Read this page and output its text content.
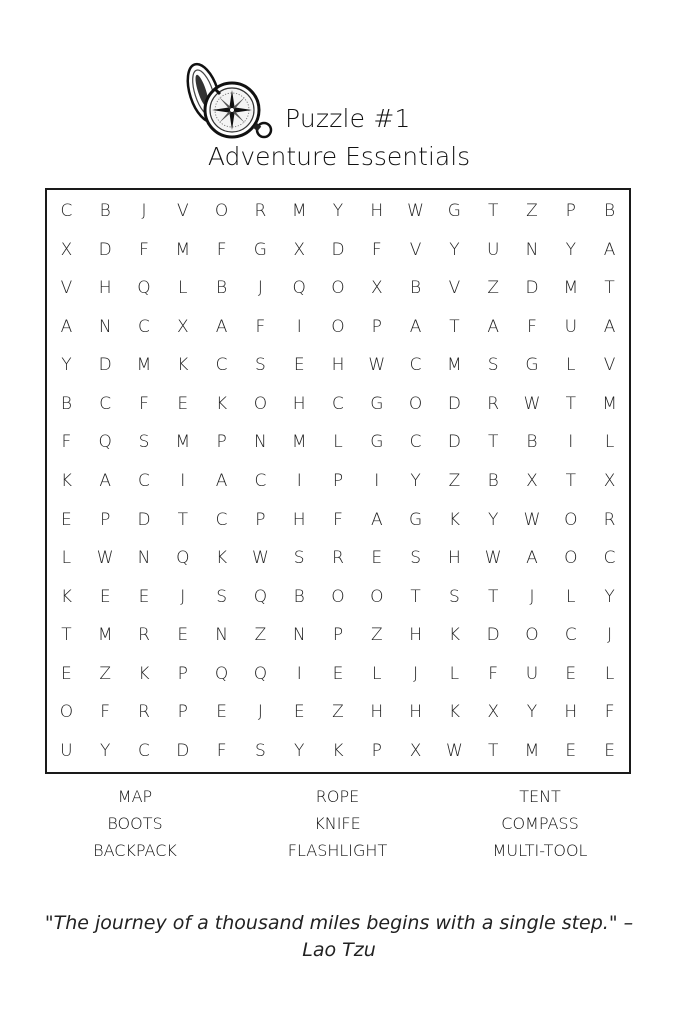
Puzzle #1
Adventure Essentials
C	B	J	V	O	R	M	Y	H	W	G	T	Z	P	B
X	D	F	M	F	G	X	D	F	V	Y	U	N	Y	A
V	H	Q	L	B	J	Q	O	X	B	V	Z	D	M	T
A	N	C	X	A	F	I	O	P	A	T	A	F	U	A
Y	D	M	K	C	S	E	H	W	C	M	S	G	L	V
B	C	F	E	K	O	H	C	G	O	D	R	W	T	M
F	Q	S	M	P	N	M	L	G	C	D	T	B	I	L
K	A	C	I	A	C	I	P	I	Y	Z	B	X	T	X
E	P	D	T	C	P	H	F	A	G	K	Y	W	O	R
L	W	N	Q	K	W	S	R	E	S	H	W	A	O	C
K	E	E	J	S	Q	B	O	O	T	S	T	J	L	Y
T	M	R	E	N	Z	N	P	Z	H	K	D	O	C	J
E	Z	K	P	Q	Q	I	E	L	J	L	F	U	E	L
O	F	R	P	E	J	E	Z	H	H	K	X	Y	H	F
U	Y	C	D	F	S	Y	K	P	X	W	T	M	E	E
MAP	ROPE	TENT
BOOTS	KNIFE	COMPASS
BACKPACK	FLASHLIGHT	MULTI-TOOL
"The journey of a thousand miles begins with a single step." – Lao Tzu
